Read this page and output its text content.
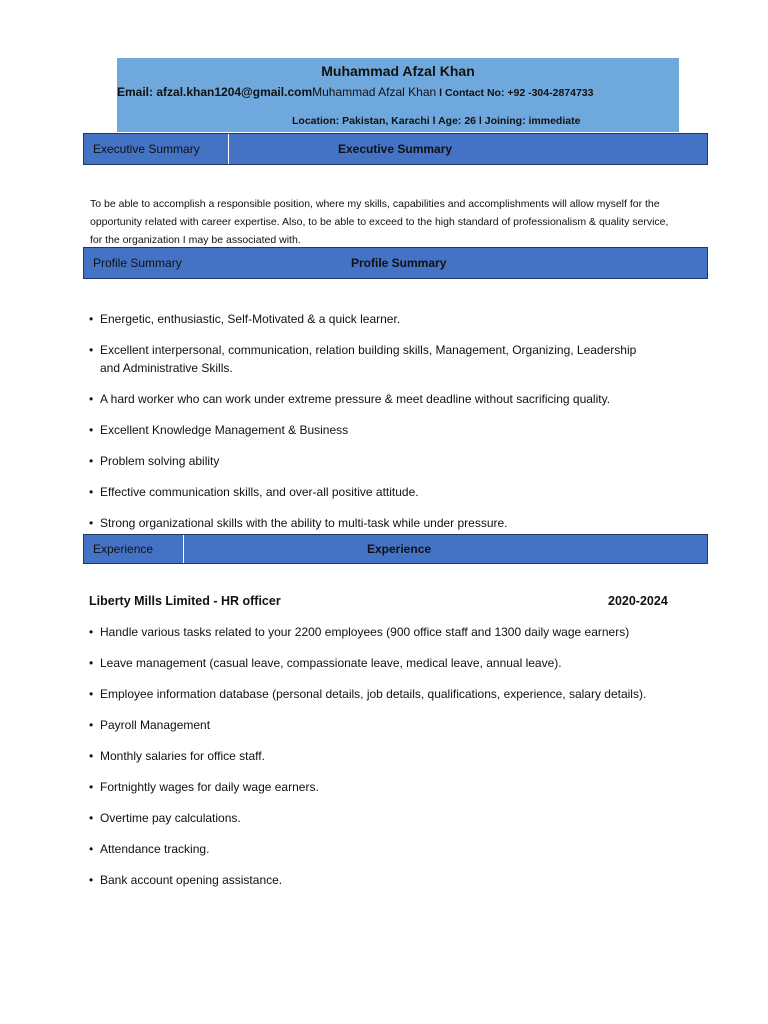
Muhammad Afzal Khan
Email: afzal.khan1204@gmail.comMuhammad Afzal Khan l Contact No: +92 -304-2874733
Location: Pakistan, Karachi l Age: 26 l Joining: immediate
Executive Summary	Executive Summary
To be able to accomplish a responsible position, where my skills, capabilities and accomplishments will allow myself for the opportunity related with career expertise. Also, to be able to exceed to the high standard of professionalism & quality service, for the organization I may be associated with.
Profile Summary	Profile Summary
• Energetic, enthusiastic, Self-Motivated & a quick learner.
• Excellent interpersonal, communication, relation building skills, Management, Organizing, Leadership
and Administrative Skills.
• A hard worker who can work under extreme pressure & meet deadline without sacrificing quality.
• Excellent Knowledge Management & Business
• Problem solving ability
• Effective communication skills, and over-all positive attitude.
• Strong organizational skills with the ability to multi-task while under pressure.
Experience	Experience
Liberty Mills Limited - HR officer	2020-2024
• Handle various tasks related to your 2200 employees (900 office staff and 1300 daily wage earners)
• Leave management (casual leave, compassionate leave, medical leave, annual leave).
• Employee information database (personal details, job details, qualifications, experience, salary details).
• Payroll Management
• Monthly salaries for office staff.
• Fortnightly wages for daily wage earners.
• Overtime pay calculations.
• Attendance tracking.
• Bank account opening assistance.
